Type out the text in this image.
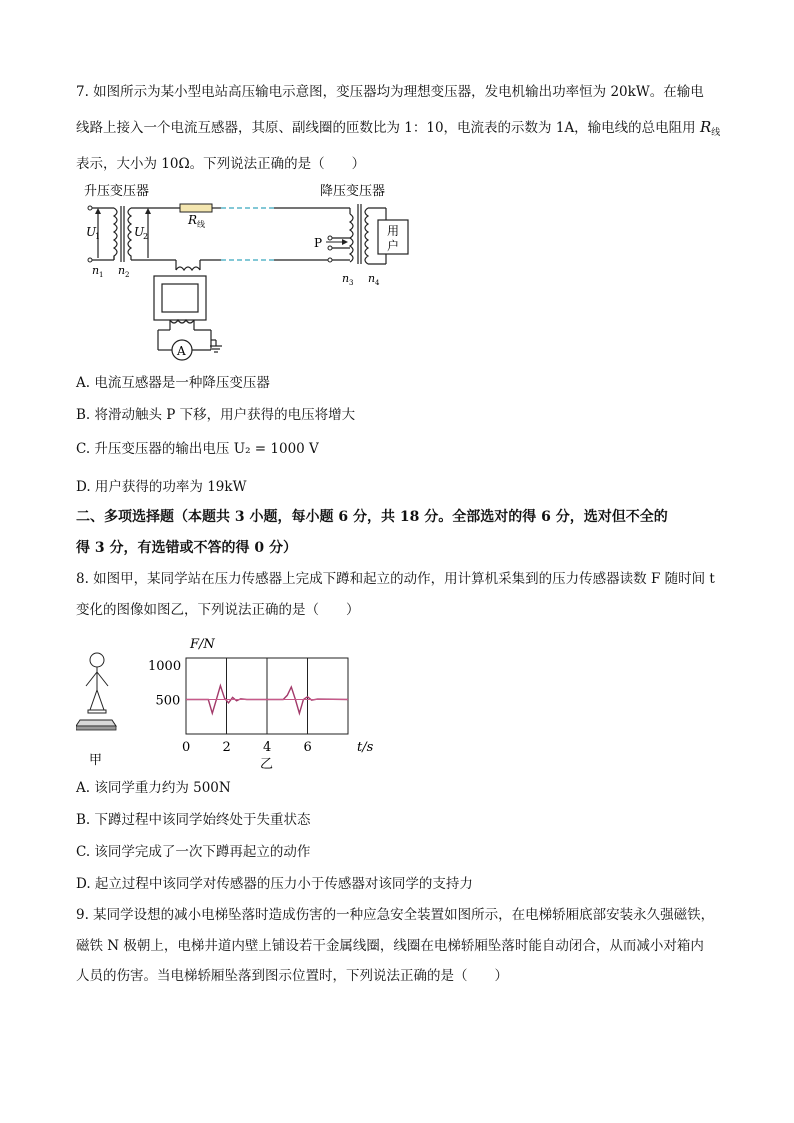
7. 如图所示为某小型电站高压输电示意图，变压器均为理想变压器，发电机输出功率恒为 20kW。在输电
线路上接入一个电流互感器，其原、副线圈的匝数比为 1：10，电流表的示数为 1A，输电线的总电阻用 $R_线$
表示，大小为 10Ω。下列说法正确的是（　　）
A
升压变压器	降压变压器
R 线
U
1	U
2
n 1 n 2	n 3 n 4
P
用
户
A. 电流互感器是一种降压变压器
B. 将滑动触头 P 下移，用户获得的电压将增大
C. 升压变压器的输出电压 U₂ = 1000 V
D. 用户获得的功率为 19kW
二、多项选择题（本题共 3 小题，每小题 6 分，共 18 分。全部选对的得 6 分，选对但不全的
得 3 分，有选错或不答的得 0 分）
8. 如图甲，某同学站在压力传感器上完成下蹲和起立的动作，用计算机采集到的压力传感器读数 F 随时间 t
变化的图像如图乙，下列说法正确的是（　　）
甲
0 2 4 6
500
1000
F/N
t/s
乙
A. 该同学重力约为 500N
B. 下蹲过程中该同学始终处于失重状态
C. 该同学完成了一次下蹲再起立的动作
D. 起立过程中该同学对传感器的压力小于传感器对该同学的支持力
9. 某同学设想的减小电梯坠落时造成伤害的一种应急安全装置如图所示，在电梯轿厢底部安装永久强磁铁，
磁铁 N 极朝上，电梯井道内壁上铺设若干金属线圈，线圈在电梯轿厢坠落时能自动闭合，从而减小对箱内
人员的伤害。当电梯轿厢坠落到图示位置时，下列说法正确的是（　　）
